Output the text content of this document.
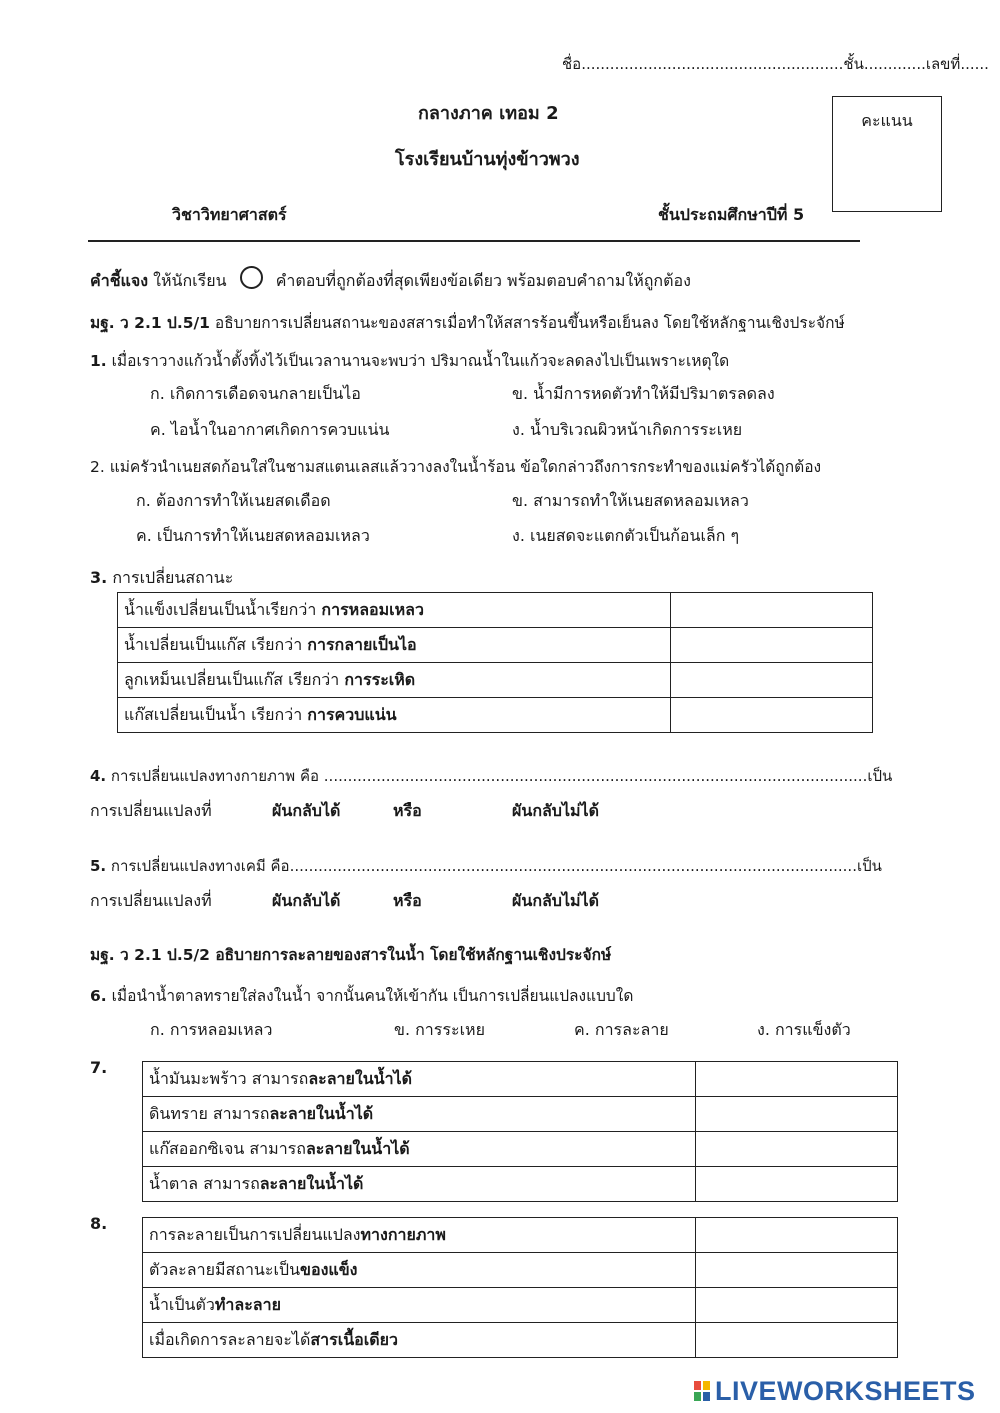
ชื่อ.......................................................ชั้น.............เลขที่......
กลางภาค เทอม 2
โรงเรียนบ้านทุ่งข้าวพวง
วิชาวิทยาศาสตร์	ชั้นประถมศึกษาปีที่ 5
คะแนน
คำชี้แจง ให้นักเรียน	คำตอบที่ถูกต้องที่สุดเพียงข้อเดียว พร้อมตอบคำถามให้ถูกต้อง
มฐ. ว 2.1 ป.5/1 อธิบายการเปลี่ยนสถานะของสสารเมื่อทำให้สสารร้อนขึ้นหรือเย็นลง โดยใช้หลักฐานเชิงประจักษ์
1. เมื่อเราวางแก้วน้ำตั้งทิ้งไว้เป็นเวลานานจะพบว่า ปริมาณน้ำในแก้วจะลดลงไปเป็นเพราะเหตุใด
ก. เกิดการเดือดจนกลายเป็นไอ	ข. น้ำมีการหดตัวทำให้มีปริมาตรลดลง
ค. ไอน้ำในอากาศเกิดการควบแน่น	ง. น้ำบริเวณผิวหน้าเกิดการระเหย
2. แม่ครัวนำเนยสดก้อนใส่ในชามสแตนเลสแล้ววางลงในน้ำร้อน ข้อใดกล่าวถึงการกระทำของแม่ครัวได้ถูกต้อง
ก. ต้องการทำให้เนยสดเดือด	ข. สามารถทำให้เนยสดหลอมเหลว
ค. เป็นการทำให้เนยสดหลอมเหลว	ง. เนยสดจะแตกตัวเป็นก้อนเล็ก ๆ
3. การเปลี่ยนสถานะ
น้ำแข็งเปลี่ยนเป็นน้ำเรียกว่า การหลอมเหลว	
น้ำเปลี่ยนเป็นแก๊ส เรียกว่า การกลายเป็นไอ	
ลูกเหม็นเปลี่ยนเป็นแก๊ส เรียกว่า การระเหิด	
แก๊สเปลี่ยนเป็นน้ำ เรียกว่า การควบแน่น	
4. การเปลี่ยนแปลงทางกายภาพ คือ ..................................................................................................................เป็น
การเปลี่ยนแปลงที่	ผันกลับได้	หรือ	ผันกลับไม่ได้
5. การเปลี่ยนแปลงทางเคมี คือ.......................................................................................................................เป็น
การเปลี่ยนแปลงที่	ผันกลับได้	หรือ	ผันกลับไม่ได้
มฐ. ว 2.1 ป.5/2 อธิบายการละลายของสารในน้ำ โดยใช้หลักฐานเชิงประจักษ์
6. เมื่อนำน้ำตาลทรายใส่ลงในน้ำ จากนั้นคนให้เข้ากัน เป็นการเปลี่ยนแปลงแบบใด
ก. การหลอมเหลว	ข. การระเหย	ค. การละลาย	ง. การแข็งตัว
7.
น้ำมันมะพร้าว สามารถละลายในน้ำได้	
ดินทราย สามารถละลายในน้ำได้	
แก๊สออกซิเจน สามารถละลายในน้ำได้	
น้ำตาล สามารถละลายในน้ำได้	
8.
การละลายเป็นการเปลี่ยนแปลงทางกายภาพ	
ตัวละลายมีสถานะเป็นของแข็ง	
น้ำเป็นตัวทำละลาย	
เมื่อเกิดการละลายจะได้สารเนื้อเดียว	
LIVEWORKSHEETS
